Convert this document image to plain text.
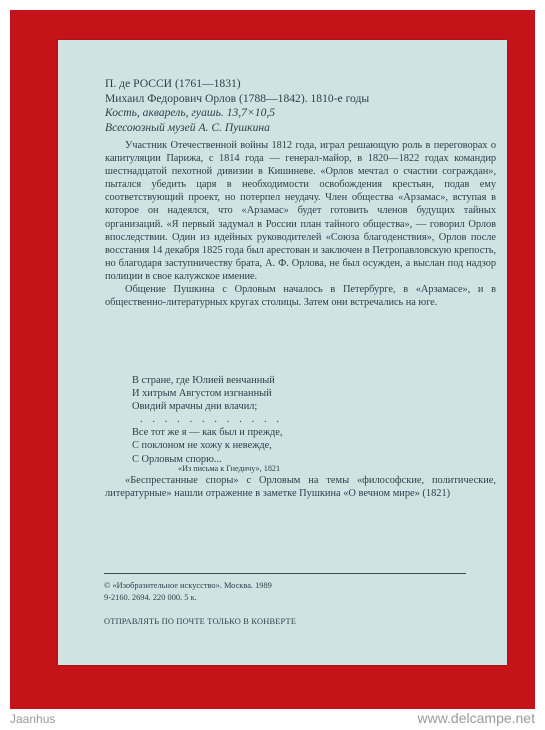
П. де РОССИ (1761—1831)
Михаил Федорович Орлов (1788—1842). 1810-е годы
Кость, акварель, гуашь. 13,7×10,5
Всесоюзный музей А. С. Пушкина

Участник Отечественной войны 1812 года, играл решающую роль в переговорах о капитуляции Парижа, с 1814 года — генерал-майор, в 1820—1822 годах командир шестнадцатой пехотной дивизии в Кишиневе. «Орлов мечтал о счастии сограждан», пытался убедить царя в необходимости освобождения крестьян, подав ему соответствующий проект, но потерпел неудачу. Член общества «Арзамас», вступая в которое он надеялся, что «Арзамас» будет готовить членов будущих тайных организаций. «Я первый задумал в России план тайного общества», — говорил Орлов впоследствии. Один из идейных руководителей «Союза благоденствия», Орлов после восстания 14 декабря 1825 года был арестован и заключен в Петропавловскую крепость, но благодаря заступничеству брата, А. Ф. Орлова, не был осужден, а выслан под надзор полиции в свое калужское имение.

Общение Пушкина с Орловым началось в Петербурге, в «Арзамасе», и в общественно-литературных кругах столицы. Затем они встречались на юге.

В стране, где Юлией венчанный
И хитрым Августом изгнанный
Овидий мрачны дни влачил;
. . . . . . . . . . . .
Все тот же я — как был и прежде,
С поклоном не хожу к невежде,
С Орловым спорю...
«Из письма к Гнедичу», 1821

«Беспрестанные споры» с Орловым на темы «философские, политические, литературные» нашли отражение в заметке Пушкина «О вечном мире» (1821)

© «Изобразительное искусство». Москва. 1989
9-2160. 2694. 220 000. 5 к.
ОТПРАВЛЯТЬ ПО ПОЧТЕ ТОЛЬКО В КОНВЕРТЕ
Jaanhus	www.delcampe.net
